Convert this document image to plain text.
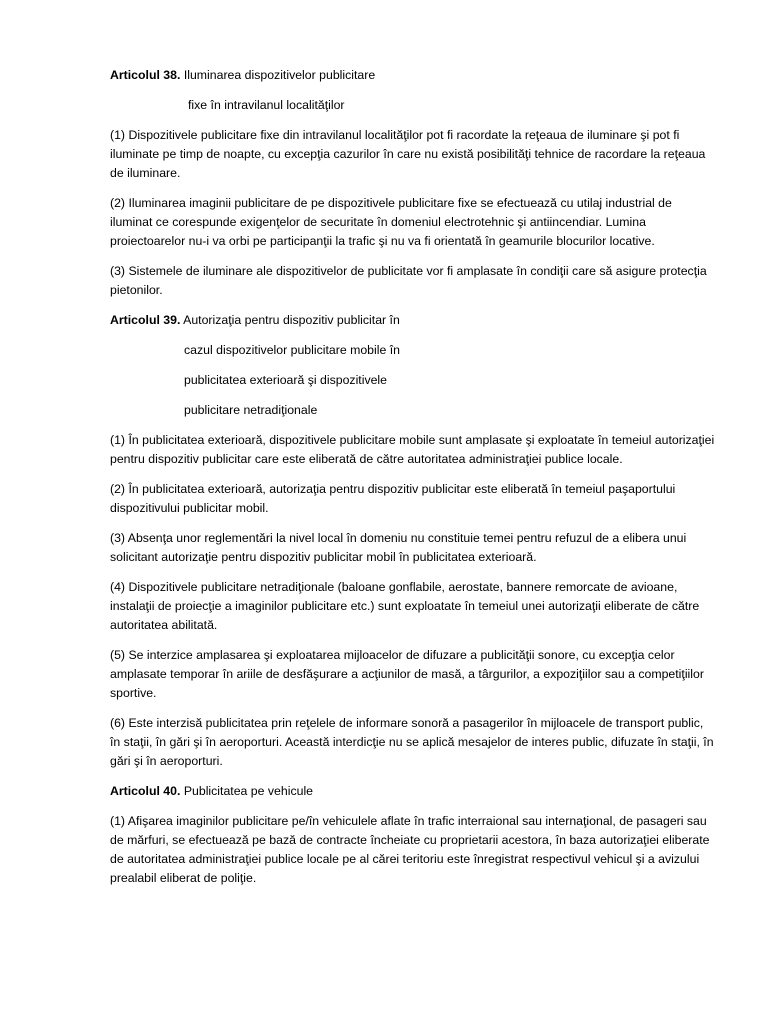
Articolul 38. Iluminarea dispozitivelor publicitare

fixe în intravilanul localităţilor

(1) Dispozitivele publicitare fixe din intravilanul localităţilor pot fi racordate la reţeaua de iluminare şi pot fi iluminate pe timp de noapte, cu excepţia cazurilor în care nu există posibilităţi tehnice de racordare la reţeaua de iluminare.

(2) Iluminarea imaginii publicitare de pe dispozitivele publicitare fixe se efectuează cu utilaj industrial de iluminat ce corespunde exigenţelor de securitate în domeniul electrotehnic şi antiincendiar. Lumina proiectoarelor nu-i va orbi pe participanţii la trafic şi nu va fi orientată în geamurile blocurilor locative.

(3) Sistemele de iluminare ale dispozitivelor de publicitate vor fi amplasate în condiţii care să asigure protecţia pietonilor.

Articolul 39. Autorizaţia pentru dispozitiv publicitar în

cazul dispozitivelor publicitare mobile în

publicitatea exterioară şi dispozitivele

publicitare netradiţionale

(1) În publicitatea exterioară, dispozitivele publicitare mobile sunt amplasate şi exploatate în temeiul autorizaţiei pentru dispozitiv publicitar care este eliberată de către autoritatea administraţiei publice locale.

(2) În publicitatea exterioară, autorizaţia pentru dispozitiv publicitar este eliberată în temeiul paşaportului dispozitivului publicitar mobil.

(3) Absenţa unor reglementări la nivel local în domeniu nu constituie temei pentru refuzul de a elibera unui solicitant autorizaţie pentru dispozitiv publicitar mobil în publicitatea exterioară.

(4) Dispozitivele publicitare netradiţionale (baloane gonflabile, aerostate, bannere remorcate de avioane, instalaţii de proiecţie a imaginilor publicitare etc.) sunt exploatate în temeiul unei autorizaţii eliberate de către autoritatea abilitată.

(5) Se interzice amplasarea şi exploatarea mijloacelor de difuzare a publicităţii sonore, cu excepţia celor amplasate temporar în ariile de desfăşurare a acţiunilor de masă, a târgurilor, a expoziţiilor sau a competiţiilor sportive.

(6) Este interzisă publicitatea prin reţelele de informare sonoră a pasagerilor în mijloacele de transport public, în staţii, în gări şi în aeroporturi. Această interdicţie nu se aplică mesajelor de interes public, difuzate în staţii, în gări şi în aeroporturi.

Articolul 40. Publicitatea pe vehicule

(1) Afişarea imaginilor publicitare pe/în vehiculele aflate în trafic interraional sau internaţional, de pasageri sau de mărfuri, se efectuează pe bază de contracte încheiate cu proprietarii acestora, în baza autorizaţiei eliberate de autoritatea administraţiei publice locale pe al cărei teritoriu este înregistrat respectivul vehicul şi a avizului prealabil eliberat de poliţie.
